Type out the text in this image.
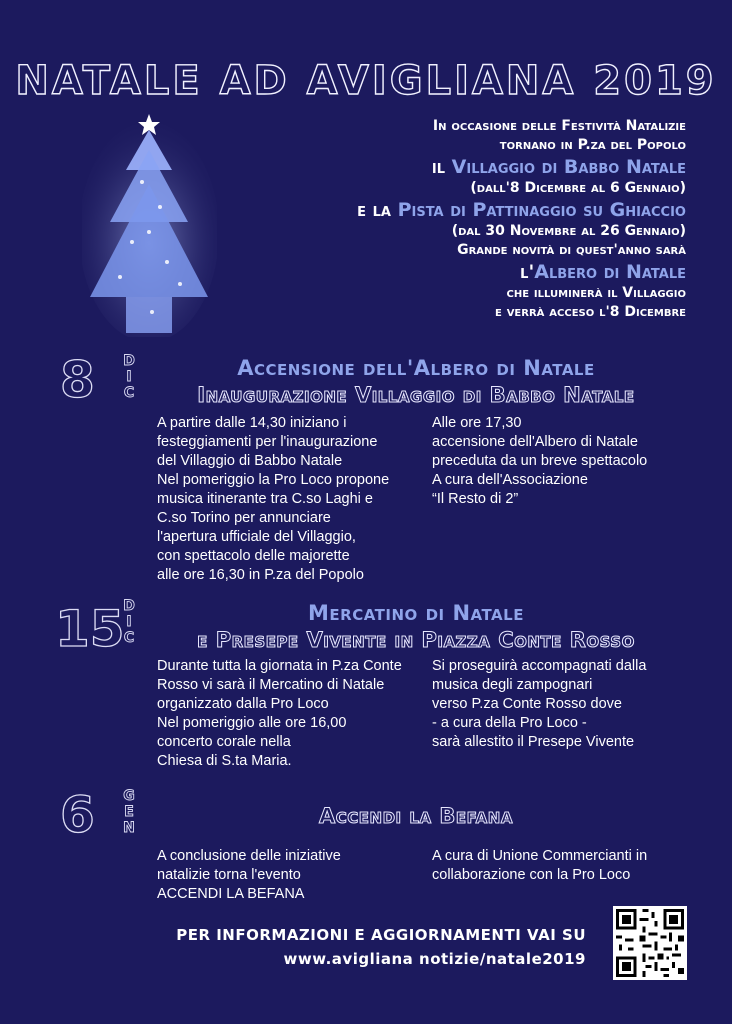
NATALE AD AVIGLIANA 2019
In occasione delle Festività Natalizie
tornano in P.za del Popolo
il Villaggio di Babbo Natale
(dall'8 Dicembre al 6 Gennaio)
e la Pista di Pattinaggio su Ghiaccio
(dal 30 Novembre al 26 Gennaio)
Grande novità di quest'anno sarà
l'Albero di Natale
che illuminerà il Villaggio
e verrà acceso l'8 Dicembre
8 D
I
C
Accensione dell'Albero di Natale
Inaugurazione Villaggio di Babbo Natale
A partire dalle 14,30 iniziano i
festeggiamenti per l'inaugurazione
del Villaggio di Babbo Natale
Nel pomeriggio la Pro Loco propone
musica itinerante tra C.so Laghi e
C.so Torino per annunciare
l'apertura ufficiale del Villaggio,
con spettacolo delle majorette
alle ore 16,30 in P.za del Popolo
Alle ore 17,30
accensione dell'Albero di Natale
preceduta da un breve spettacolo
A cura dell'Associazione
“Il Resto di 2”
15
D
I
C
Mercatino di Natale
e Presepe Vivente in Piazza Conte Rosso
Durante tutta la giornata in P.za Conte
Rosso vi sarà il Mercatino di Natale
organizzato dalla Pro Loco
Nel pomeriggio alle ore 16,00
concerto corale nella
Chiesa di S.ta Maria.
Si proseguirà accompagnati dalla
musica degli zampognari
verso P.za Conte Rosso dove
- a cura della Pro Loco -
sarà allestito il Presepe Vivente
6 G
E
N	Accendi la Befana
A conclusione delle iniziative
natalizie torna l'evento
ACCENDI LA BEFANA
A cura di Unione Commercianti in
collaborazione con la Pro Loco
PER INFORMAZIONI E AGGIORNAMENTI VAI SU
www.avigliana notizie/natale2019
